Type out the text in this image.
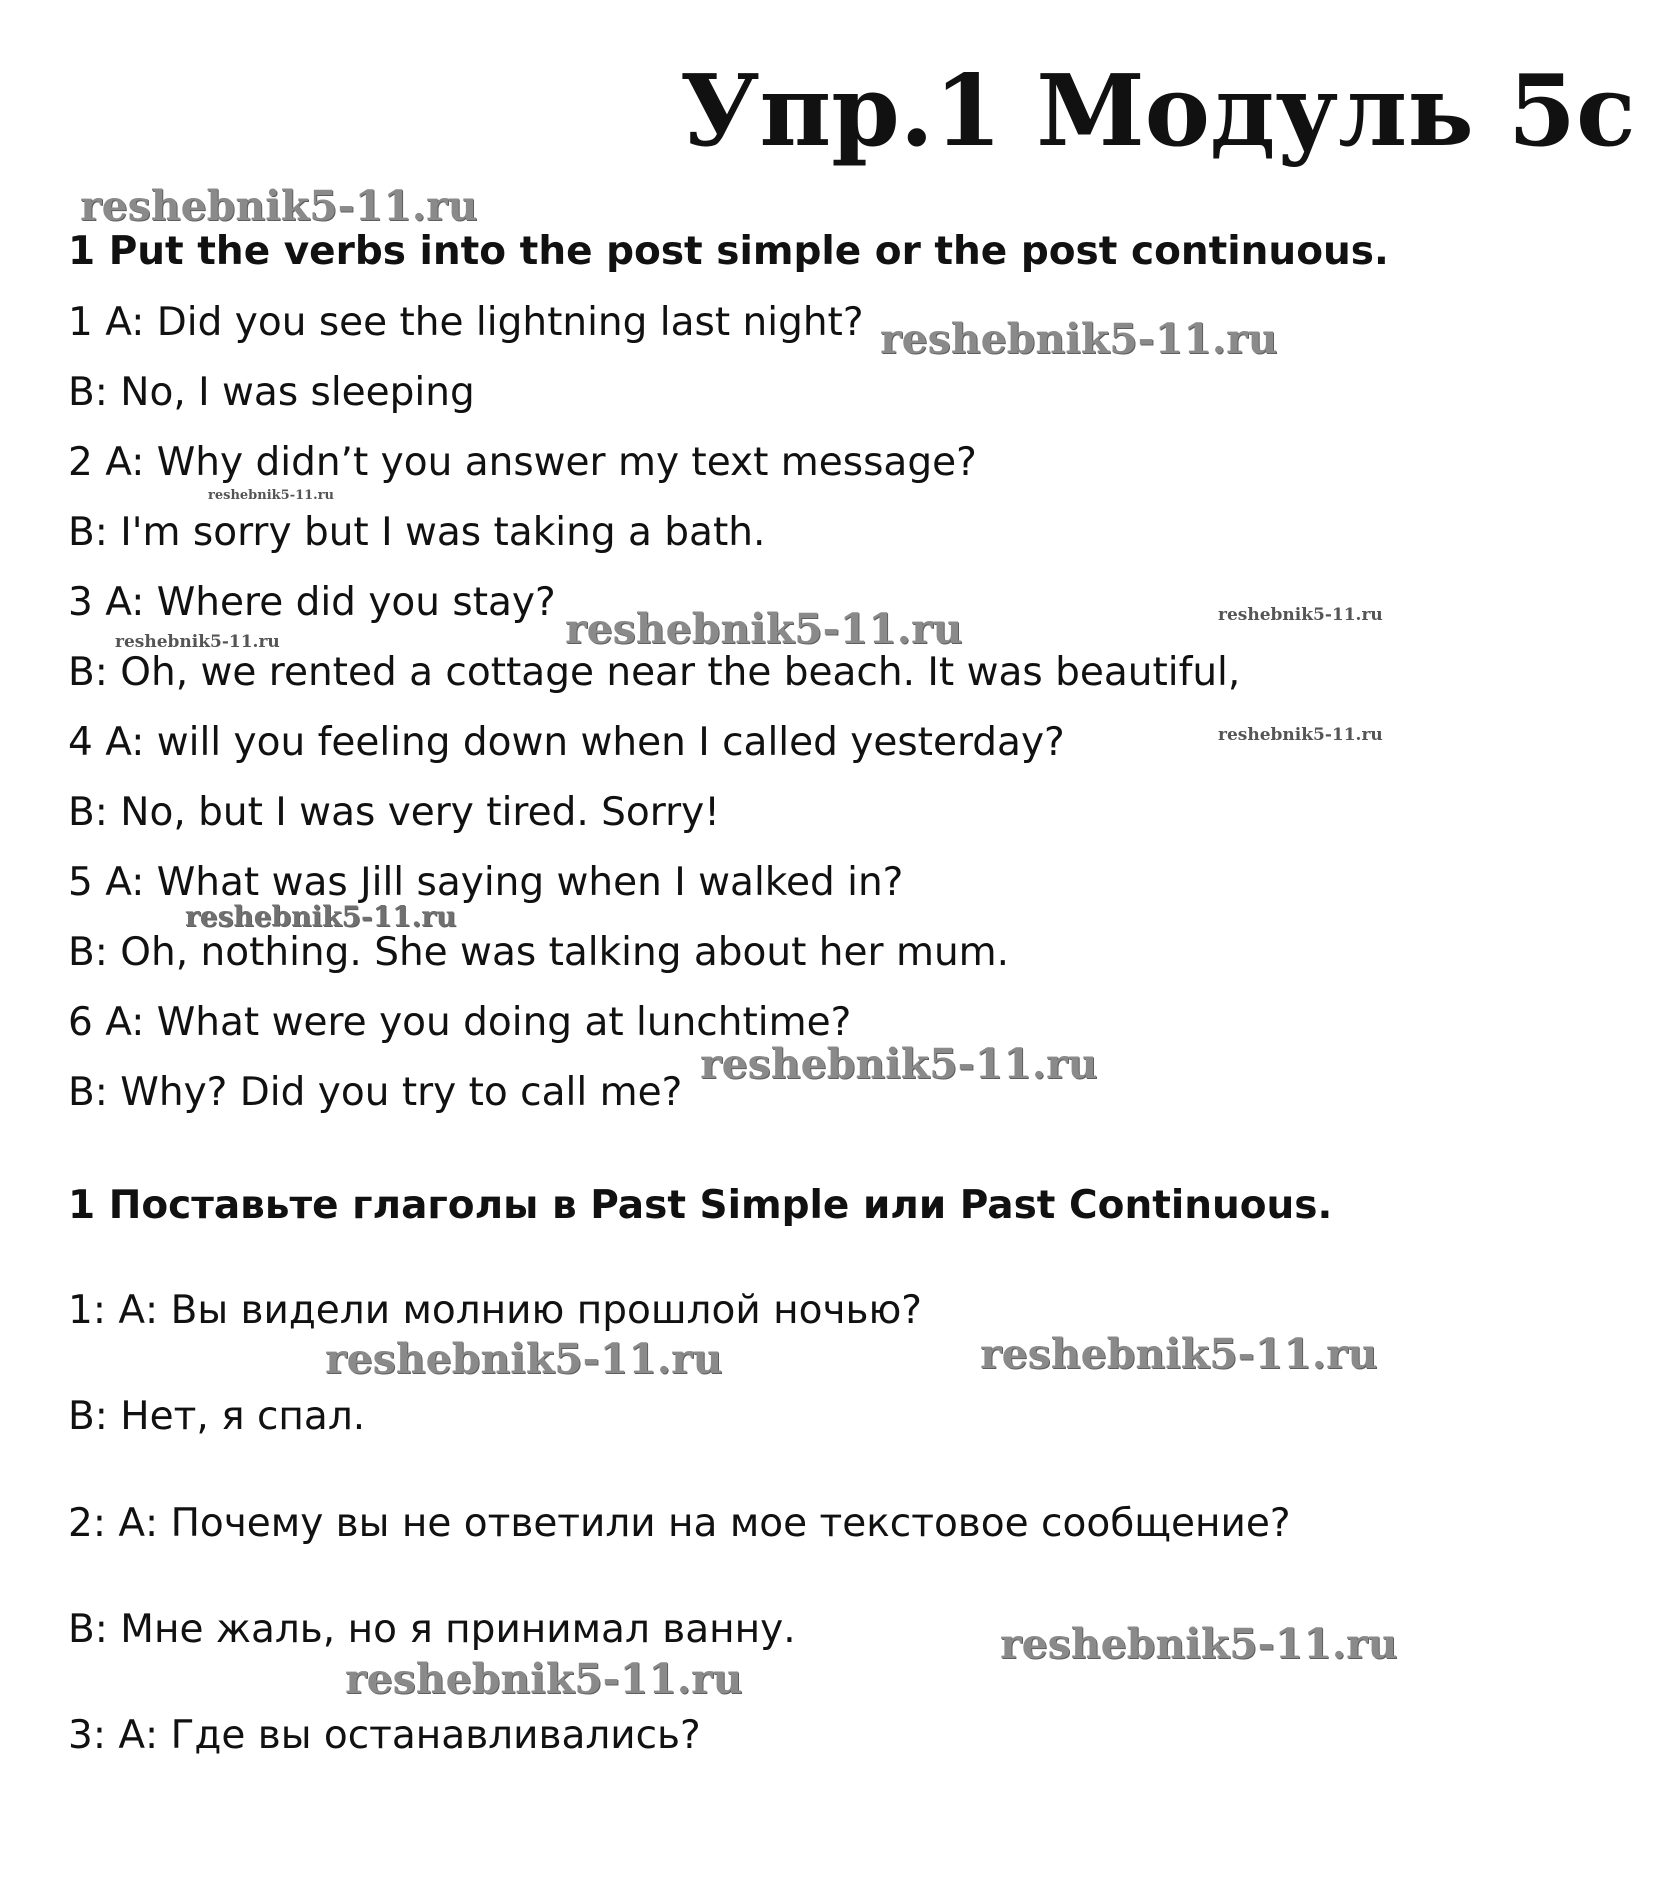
Упр.1 Модуль 5с
1 Put the verbs into the post simple or the post continuous.
1 A: Did you see the lightning last night?
B: No, I was sleeping
2 A: Why didn’t you answer my text message?
B: I'm sorry but I was taking a bath.
3 A: Where did you stay?
B: Oh, we rented a cottage near the beach. It was beautiful,
4 A: will you feeling down when I called yesterday?
B: No, but I was very tired. Sorry!
5 A: What was Jill saying when I walked in?
B: Oh, nothing. She was talking about her mum.
6 A: What were you doing at lunchtime?
B: Why? Did you try to call me?
1 Поставьте глаголы в Past Simple или Past Continuous.
1: А: Вы видели молнию прошлой ночью?
В: Нет, я спал.
2: А: Почему вы не ответили на мое текстовое сообщение?
В: Мне жаль, но я принимал ванну.
3: А: Где вы останавливались?
reshebnik5-11.ru
reshebnik5-11.ru
reshebnik5-11.ru
reshebnik5-11.ru
reshebnik5-11.ru
reshebnik5-11.ru
reshebnik5-11.ru
reshebnik5-11.ru
reshebnik5-11.ru
reshebnik5-11.ru	reshebnik5-11.ru
reshebnik5-11.ru
reshebnik5-11.ru
